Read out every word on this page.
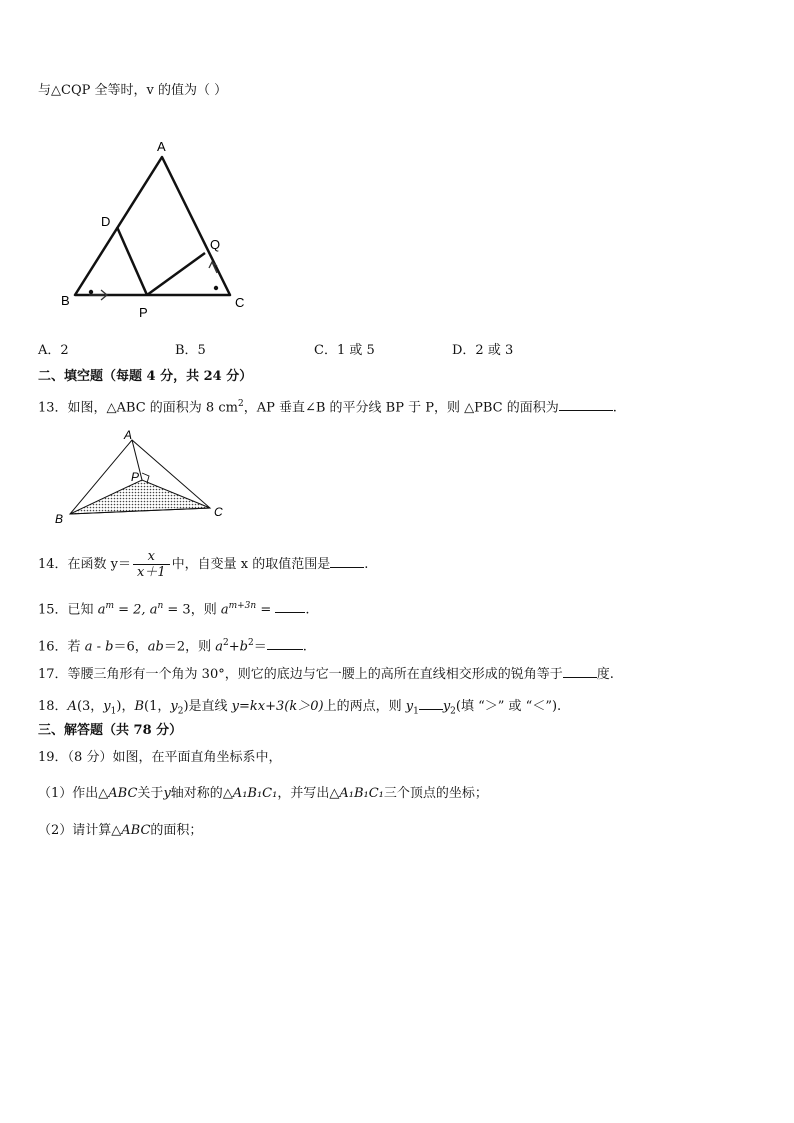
与△CQP 全等时，v 的值为（ ）
A
D
Q
B
P
C
A．2	B．5	C．1 或 5	D．2 或 3
二、填空题（每题 4 分，共 24 分）
13．如图，△ABC 的面积为 8 $cm^2$，AP 垂直∠B 的平分线 BP 于 P，则 △PBC 的面积为	.
A
P
B	C
14．在函数 $y= \frac{x}{x+1}$ 中，自变量 x 的取值范围是	.
15．已知 $a^m = 2$, $a^n = 3$，则 $a^{m+3n}$ = .
16．若 a - b＝6，ab＝2，则 $a^2+b^2=$	.
17．等腰三角形有一个角为 30°，则它的底边与它一腰上的高所在直线相交形成的锐角等于	度.
18．A(3，$y_1$)，B(1，$y_2$)是直线 y=kx+3(k＞0)上的两点，则 $y_1$ $y_2$(填 “＞” 或 “＜”).
三、解答题（共 78 分）
19．（8 分）如图，在平面直角坐标系中，
（1）作出△ABC关于y轴对称的△A₁B₁C₁，并写出△A₁B₁C₁三个顶点的坐标；
（2）请计算△ABC的面积；
